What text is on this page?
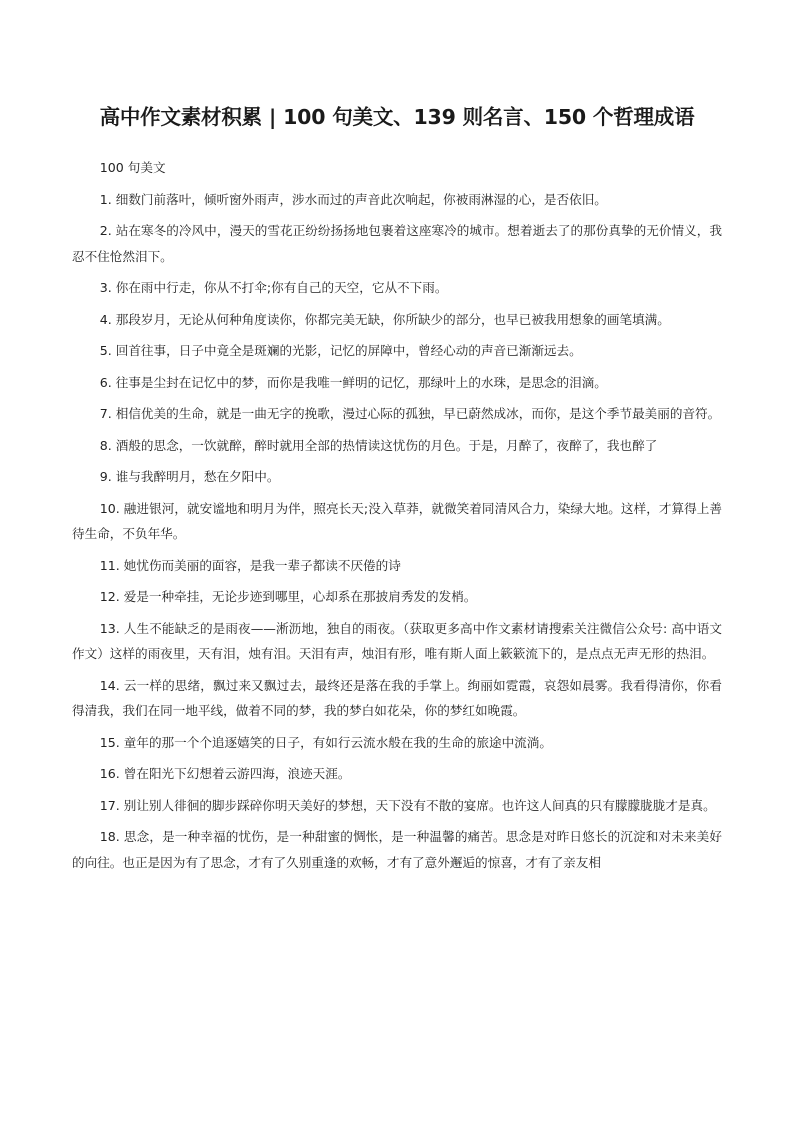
高中作文素材积累 | 100 句美文、139 则名言、150 个哲理成语

100 句美文

1. 细数门前落叶，倾听窗外雨声，涉水而过的声音此次响起，你被雨淋湿的心，是否依旧。

2. 站在寒冬的冷风中，漫天的雪花正纷纷扬扬地包裹着这座寒冷的城市。想着逝去了的那份真挚的无价情义，我忍不住怆然泪下。

3. 你在雨中行走，你从不打伞;你有自己的天空，它从不下雨。

4. 那段岁月，无论从何种角度读你，你都完美无缺，你所缺少的部分，也早已被我用想象的画笔填满。

5. 回首往事，日子中竟全是斑斓的光影，记忆的屏障中，曾经心动的声音已渐渐远去。

6. 往事是尘封在记忆中的梦，而你是我唯一鲜明的记忆，那绿叶上的水珠，是思念的泪滴。

7. 相信优美的生命，就是一曲无字的挽歌，漫过心际的孤独，早已蔚然成冰，而你，是这个季节最美丽的音符。

8. 酒般的思念，一饮就醉，醉时就用全部的热情读这忧伤的月色。于是，月醉了，夜醉了，我也醉了

9. 谁与我醉明月，愁在夕阳中。

10. 融进银河，就安谧地和明月为伴，照亮长天;没入草莽，就微笑着同清风合力，染绿大地。这样，才算得上善待生命，不负年华。

11. 她忧伤而美丽的面容，是我一辈子都读不厌倦的诗

12. 爱是一种牵挂，无论步迹到哪里，心却系在那披肩秀发的发梢。

13. 人生不能缺乏的是雨夜——淅沥地，独自的雨夜。（获取更多高中作文素材请搜索关注微信公众号: 高中语文作文）这样的雨夜里，天有泪，烛有泪。天泪有声，烛泪有形，唯有斯人面上簌簌流下的，是点点无声无形的热泪。

14. 云一样的思绪，飘过来又飘过去，最终还是落在我的手掌上。绚丽如霓霞，哀怨如晨雾。我看得清你，你看得清我，我们在同一地平线，做着不同的梦，我的梦白如花朵，你的梦红如晚霞。

15. 童年的那一个个追逐嬉笑的日子，有如行云流水般在我的生命的旅途中流淌。

16. 曾在阳光下幻想着云游四海，浪迹天涯。

17. 别让别人徘徊的脚步踩碎你明天美好的梦想，天下没有不散的宴席。也许这人间真的只有朦朦胧胧才是真。

18. 思念，是一种幸福的忧伤，是一种甜蜜的惆怅，是一种温馨的痛苦。思念是对昨日悠长的沉淀和对未来美好的向往。也正是因为有了思念，才有了久别重逢的欢畅，才有了意外邂逅的惊喜，才有了亲友相
